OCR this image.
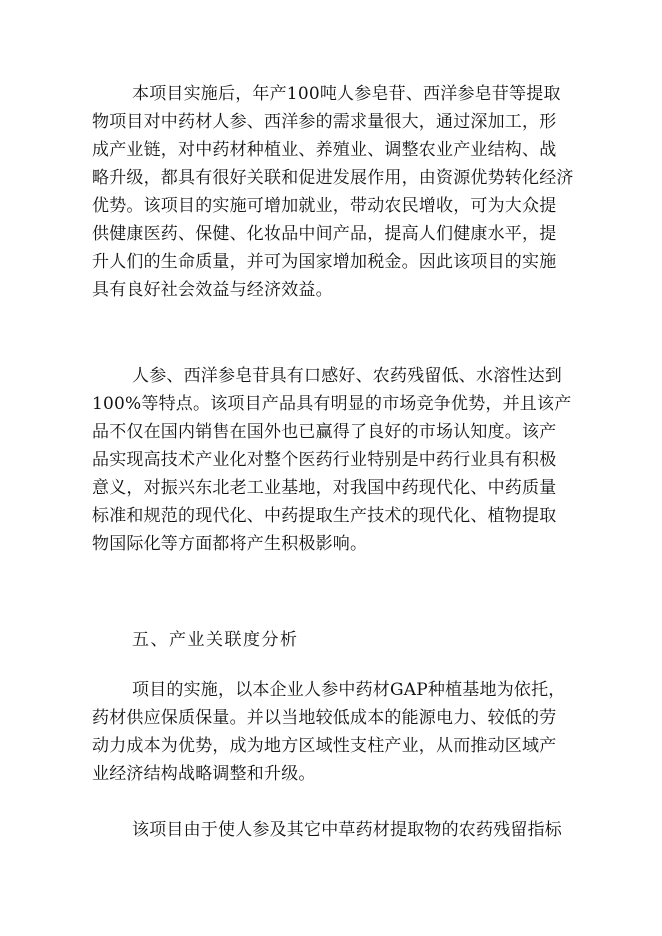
本项目实施后，年产100吨人参皂苷、西洋参皂苷等提取
物项目对中药材人参、西洋参的需求量很大，通过深加工，形
成产业链，对中药材种植业、养殖业、调整农业产业结构、战
略升级，都具有很好关联和促进发展作用，由资源优势转化经济
优势。该项目的实施可增加就业，带动农民增收，可为大众提
供健康医药、保健、化妆品中间产品，提高人们健康水平，提
升人们的生命质量，并可为国家增加税金。因此该项目的实施
具有良好社会效益与经济效益。
人参、西洋参皂苷具有口感好、农药残留低、水溶性达到
100%等特点。该项目产品具有明显的市场竞争优势，并且该产
品不仅在国内销售在国外也已赢得了良好的市场认知度。该产
品实现高技术产业化对整个医药行业特别是中药行业具有积极
意义，对振兴东北老工业基地，对我国中药现代化、中药质量
标准和规范的现代化、中药提取生产技术的现代化、植物提取
物国际化等方面都将产生积极影响。
五、产业关联度分析
项目的实施，以本企业人参中药材GAP种植基地为依托，
药材供应保质保量。并以当地较低成本的能源电力、较低的劳
动力成本为优势，成为地方区域性支柱产业，从而推动区域产
业经济结构战略调整和升级。
该项目由于使人参及其它中草药材提取物的农药残留指标
